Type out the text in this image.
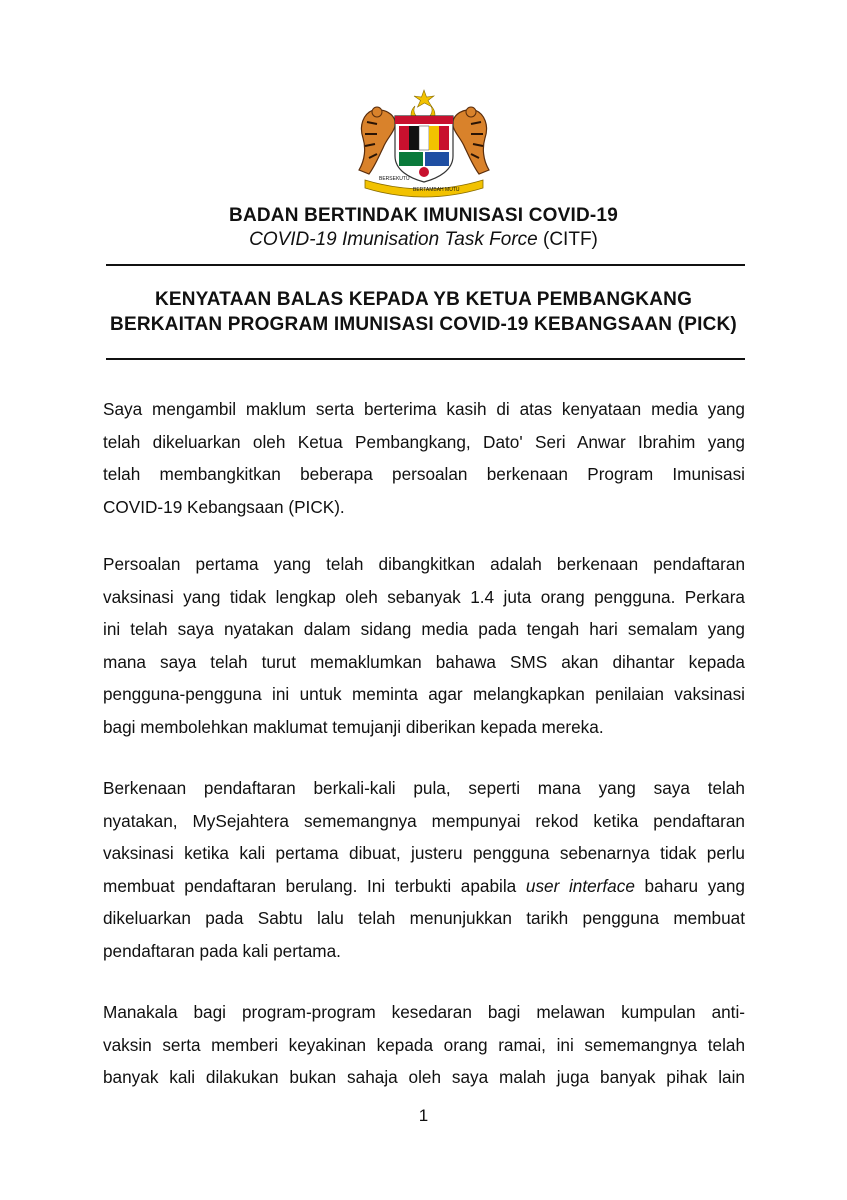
BERSEKUTU
BERTAMBAH MUTU
BADAN BERTINDAK IMUNISASI COVID-19
COVID-19 Imunisation Task Force (CITF)
KENYATAAN BALAS KEPADA YB KETUA PEMBANGKANG
BERKAITAN PROGRAM IMUNISASI COVID-19 KEBANGSAAN (PICK)
Saya mengambil maklum serta berterima kasih di atas kenyataan media yang
telah dikeluarkan oleh Ketua Pembangkang, Dato' Seri Anwar Ibrahim yang
telah membangkitkan beberapa persoalan berkenaan Program Imunisasi
COVID-19 Kebangsaan (PICK).
Persoalan pertama yang telah dibangkitkan adalah berkenaan pendaftaran
vaksinasi yang tidak lengkap oleh sebanyak 1.4 juta orang pengguna. Perkara
ini telah saya nyatakan dalam sidang media pada tengah hari semalam yang
mana saya telah turut memaklumkan bahawa SMS akan dihantar kepada
pengguna-pengguna ini untuk meminta agar melangkapkan penilaian vaksinasi
bagi membolehkan maklumat temujanji diberikan kepada mereka.
Berkenaan pendaftaran berkali-kali pula, seperti mana yang saya telah
nyatakan, MySejahtera sememangnya mempunyai rekod ketika pendaftaran
vaksinasi ketika kali pertama dibuat, justeru pengguna sebenarnya tidak perlu
membuat pendaftaran berulang. Ini terbukti apabila user interface baharu yang
dikeluarkan pada Sabtu lalu telah menunjukkan tarikh pengguna membuat
pendaftaran pada kali pertama.
Manakala bagi program-program kesedaran bagi melawan kumpulan anti-
vaksin serta memberi keyakinan kepada orang ramai, ini sememangnya telah
banyak kali dilakukan bukan sahaja oleh saya malah juga banyak pihak lain
1
